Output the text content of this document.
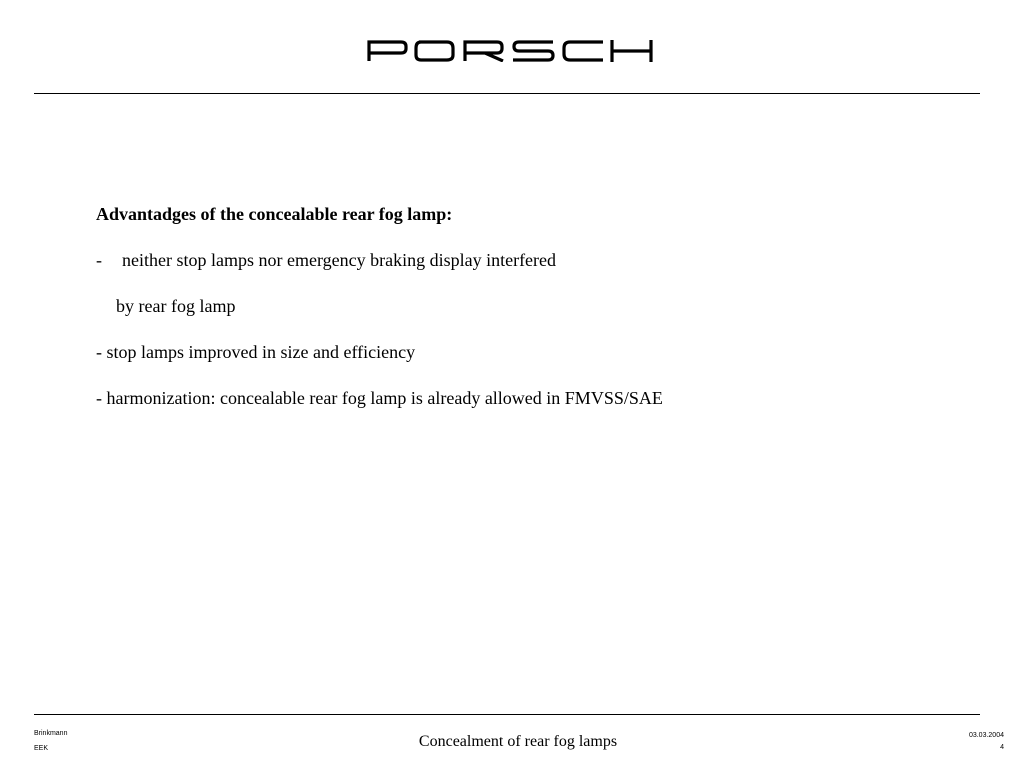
Advantadges of the concealable rear fog lamp:
- neither stop lamps nor emergency braking display interfered
by rear fog lamp
- stop lamps improved in size and efficiency
- harmonization: concealable rear fog lamp is already allowed in FMVSS/SAE
Brinkmann
EEK	Concealment of rear fog lamps	03.03.2004
4
